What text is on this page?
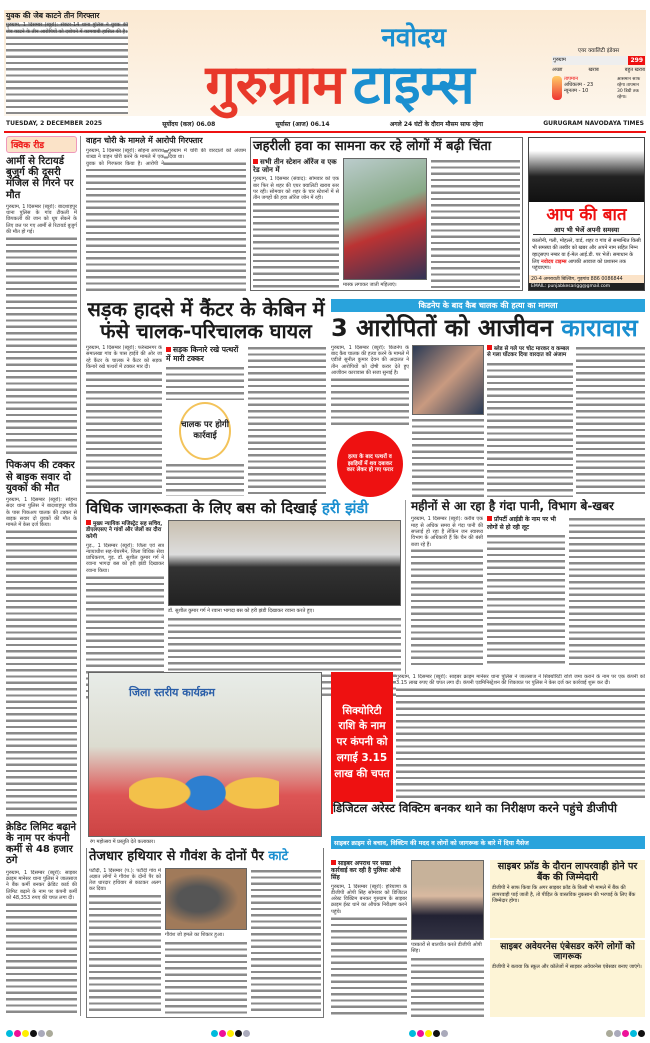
युवक की जेब काटने तीन गिरफ्तार
गुरुग्राम, 1 दिसम्बर (ब्यूरो): सेक्टर-14 थाना पुलिस ने युवक की जेब काटने के तीन आरोपियों को दबोचने में कामयाबी हासिल की है।
गुरुग्राम
नवोदय
टाइम्स
एयर क्वालिटी इंडेक्स
गुरुग्राम	299
अच्छा	खराब	बहुत खराब
तापमान
अधिकतम - 23
न्यूनतम - 10
आसमान साफ रहेगा तापमान 30 डिग्री तक रहेगा।
TUESDAY, 2 DECEMBER 2025	सूर्योदय (कल) 06.08	सूर्यास्त (आज) 06.14	अगले 24 घंटों के दौरान मौसम साफ रहेगा	GURUGRAM NAVODAYA TIMES
क्विक रीड
आर्मी से रिटायर्ड बुजुर्ग की दूसरी मंजिल से गिरने पर मौत
गुरुग्राम, 1 दिसम्बर (ब्यूरो): बादशाहपुर थाना पुलिस के गांव टीकली में छिपकली की जान को धूप सेंकने के लिए छत पर गए आर्मी से रिटायर्ड बुजुर्ग की मौत हो गई।
पिकअप की टक्कर से बाइक सवार दो युवकों की मौत
गुरुग्राम, 1 दिसम्बर (ब्यूरो): सोहना सदर थाना पुलिस ने बादशाहपुर चौक के पास पिकअप चालक की टक्कर से बाइक सवार दो युवकों की मौत के मामले में केस दर्ज किया।
क्रेडिट लिमिट बढ़ाने के नाम पर कंपनी कर्मी से 48 हजार ठगे
गुरुग्राम, 1 दिसम्बर (ब्यूरो): साइबर क्राइम मानेसर थाना पुलिस ने जालसाज ने बैंक कर्मी बनकर क्रेडिट कार्ड की लिमिट बढ़ाने के नाम पर कंपनी कर्मी को 48,353 रुपए की चपत लगा दी।
वाहन चोरी के मामले में आरोपी गिरफ्तार
गुरुग्राम, 1 दिसम्बर (ब्यूरो): सोहना अपराध शाखा ने वाहन चोरी करने के मामले में एक युवक को गिरफ्तार किया है। आरोपी ने गुरुग्राम में चोरी की वारदातों को अंजाम दिया था।
जहरीली हवा का सामना कर रहे लोगों में बढ़ी चिंता
सभी तीन स्टेशन ऑरेंज व एक रेड जोन में
गुरुग्राम, 1 दिसम्बर (संवाद): सोमवार को एक बार फिर से शहर की एयर क्वालिटी खराब स्तर पर रही। सोमवार को शहर के चार स्टेशनों में से तीन जगहों की हवा ऑरेंज जोन में रही।
मास्क लगाकर जाती महिलाएं।
आप की बात
आप भी भेजें अपनी समस्या
कालोनी, गली, मोहल्ले, वार्ड, शहर व गांव से सम्बन्धित किसी भी समस्या की तस्वीर को खबर और अपने नाम सहित निम्न व्हाट्सएप नम्बर या ई-मेल आई.डी. पर भेजें। समाधान के लिए नवोदय टाइम्स आपकी आवाज को प्रशासन तक पहुंचाएगा।
20-4 अमरावती बिल्डिंग, गुड़गांव 886 0086844
EMAIL: punjabkesarigg@gmail.com
सड़क हादसे में कैंटर के केबिन में फंसे चालक-परिचालक घायल
गुरुग्राम, 1 दिसम्बर (ब्यूरो): फर्रुखनगर के समालखा गांव के पास हाईवे की ओर जा रहे कैंटर के चालक ने कैंटर को सड़क किनारे रखे पत्थरों में टक्कर मार दी।
सड़क किनारे रखे पत्थरों में मारी टक्कर
चालक पर होगी कार्रवाई
किडनेप के बाद कैब चालक की हत्या का मामला
3 आरोपितों को आजीवन कारावास
गुरुग्राम, 1 दिसम्बर (ब्यूरो): किडनेप के बाद कैब चालक की हत्या करने के मामले में एडीजे सुनील कुमार देवन की अदालत ने तीन आरोपियों को दोषी करार देते हुए आजीवन कारावास की सजा सुनाई है।
हत्या के बाद पत्थरों व झाड़ियों में शव दबाकर कार लेकर हो गए फरार
ब्लेड से गले पर चोट मारकर व कम्बल से गला घोंटकर दिया वारदात को अंजाम
विधिक जागरूकता के लिए बस को दिखाई हरी झंडी
मुख्य न्यायिक मजिस्ट्रेट सह सचिव, डीएलएसए ने गांवों और जेलों का दौरा करेगी
गुड़., 1 दिसम्बर (ब्यूरो): जिला एवं सत्र न्यायाधीश सह-चेयरमैन, जिला विधिक सेवा प्राधिकरण, गुड़. डॉ. सुशील कुमार गर्ग ने रवाना भागदा बस को हरी झंडी दिखाकर रवाना किया।
डॉ. सुशील कुमार गर्ग ने रवाना भागदा बस को हरी झंडी दिखाकर रवाना करते हुए।
महीनों से आ रहा है गंदा पानी, विभाग बे-खबर
गुरुग्राम, 1 दिसम्बर (ब्यूरो): करीब एक माह से अधिक समय से गंदा पानी की सप्लाई हो रहा है लेकिन जन स्वास्थ्य विभाग के अधिकारी हैं कि चैन की बंसी बजा रहे हैं।
प्रॉपर्टी आईडी के नाम पर भी लोगों से हो रही लूट
जिला स्तरीय कार्यक्रम
रंग महोत्सव में प्रस्तुति देते कलाकार।
सिक्योरिटी राशि के नाम पर कंपनी को लगाई 3.15 लाख की चपत
गुरुग्राम, 1 दिसम्बर (ब्यूरो): साइबर क्राइम मानेसर थाना पुलिस ने जालसाज ने सिक्योरिटी राशि जमा कराने के नाम पर एक कंपनी को 3.15 लाख रुपए की चपत लगा दी। कंपनी एडमिनिस्ट्रेशन की शिकायत पर पुलिस ने केस दर्ज कर कार्रवाई शुरू कर दी।
डिजिटल अरेस्ट विक्टिम बनकर थाने का निरीक्षण करने पहुंचे डीजीपी
साइबर क्राइम से बचाव, विक्टिम की मदद व लोगों को जागरूक के बारे में दिया मैसेज
साइबर अपराध पर सख्त कार्रवाई कर रही है पुलिसः ओपी सिंह
गुरुग्राम, 1 दिसम्बर (ब्यूरो): हरियाणा के डीजीपी ओपी सिंह सोमवार को डिजिटल अरेस्ट विक्टिम बनकर गुरुग्राम के साइबर क्राइम ईस्ट थाने का औचक निरीक्षण करने पहुंचे।
पत्रकारों से बातचीत करते डीजीपी ओपी सिंह।
साइबर फ्रॉड के दौरान लापरवाही होने पर बैंक की जिम्मेदारी
डीजीपी ने साफ किया कि अगर साइबर फ्रॉड के किसी भी मामले में बैंक की लापरवाही पाई जाती है, तो पीड़ित के वास्तविक नुकसान की भरपाई के लिए बैंक जिम्मेदार होगा।
साइबर अवेयरनेस एंबेसडर करेंगे लोगों को जागरूक
डीजीपी ने बताया कि स्कूल और कॉलेजों में साइबर अवेयरनेस एंबेसडर बनाए जाएंगे।
तेजधार हथियार से गौवंश के दोनों पैर काटे
पटौदी, 1 दिसम्बर (प.): पटौदी गांव में अज्ञात लोगों ने गौवंश के दोनों पैर को तेज धारदार हथियार से काटकर अलग कर दिया।
गौवंश जो हमले का शिकार हुआ।
